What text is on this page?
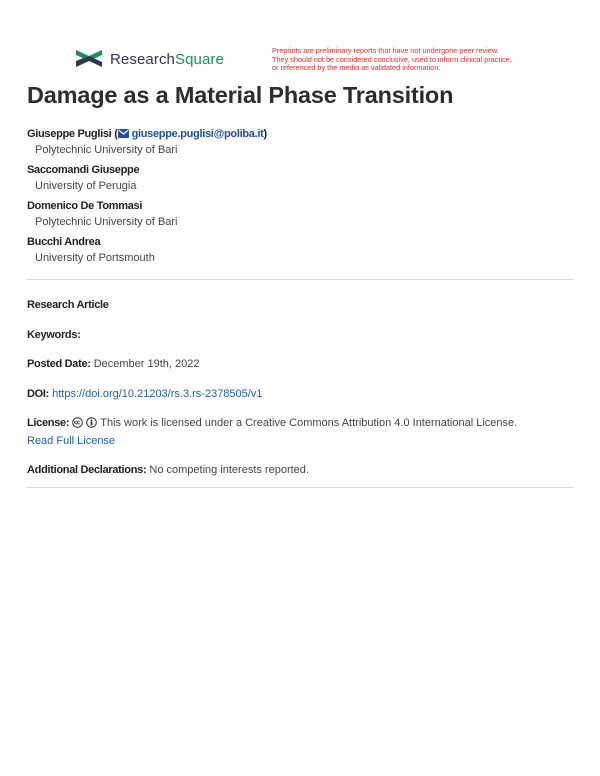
ResearchSquare	Preprints are preliminary reports that have not undergone peer review.
They should not be considered conclusive, used to inform clinical practice,
or referenced by the media as validated information.
Damage as a Material Phase Transition
Giuseppe Puglisi ( giuseppe.puglisi@poliba.it)
Polytechnic University of Bari
Saccomandi Giuseppe
University of Perugia
Domenico De Tommasi
Polytechnic University of Bari
Bucchi Andrea
University of Portsmouth
Research Article
Keywords:
Posted Date: December 19th, 2022
DOI: https://doi.org/10.21203/rs.3.rs-2378505/v1
License:	This work is licensed under a Creative Commons Attribution 4.0 International License.
Read Full License
Additional Declarations: No competing interests reported.
